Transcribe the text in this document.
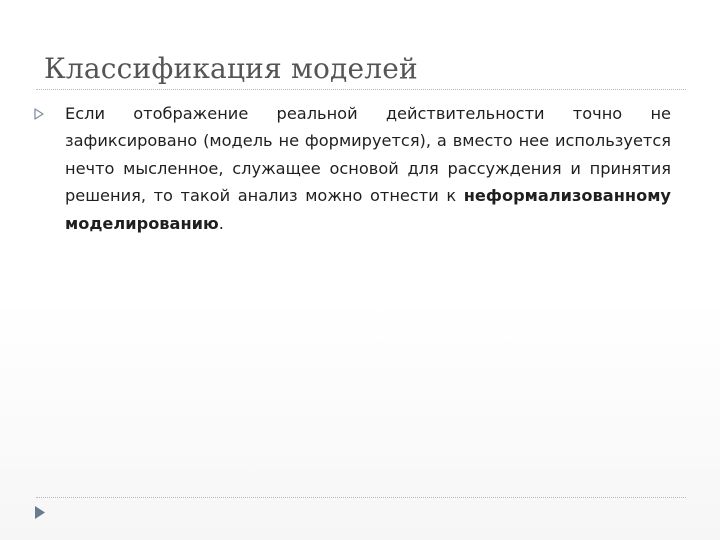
Классификация моделей

Если отображение реальной действительности точно не зафиксировано (модель не формируется), а вместо нее используется нечто мысленное, служащее основой для рассуждения и принятия решения, то такой анализ можно отнести к неформализованному моделированию.
